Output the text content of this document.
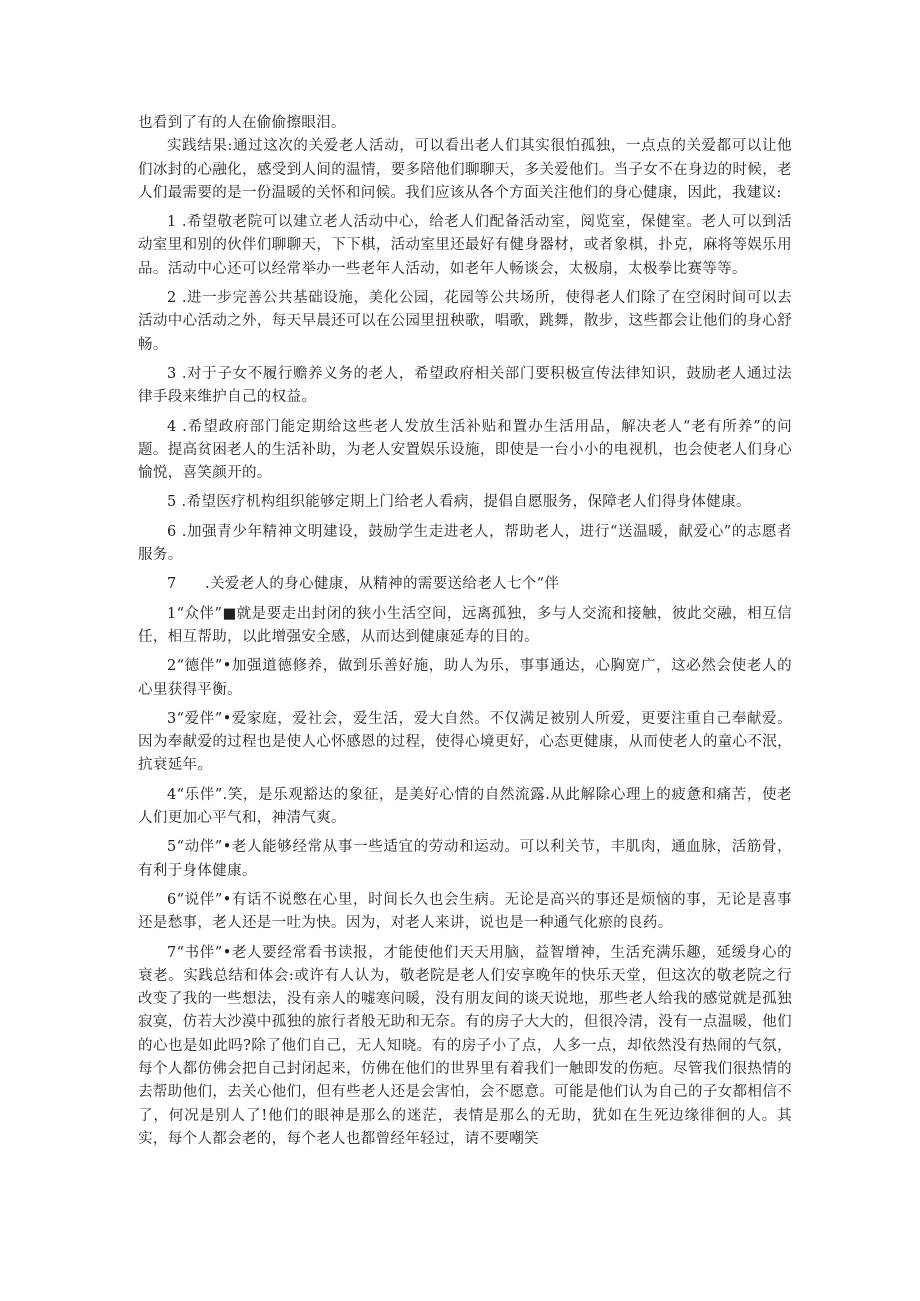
也看到了有的人在偷偷擦眼泪。

实践结果:通过这次的关爱老人活动，可以看出老人们其实很怕孤独，一点点的关爱都可以让他们冰封的心融化，感受到人间的温情，要多陪他们聊聊天，多关爱他们。当子女不在身边的时候，老人们最需要的是一份温暖的关怀和问候。我们应该从各个方面关注他们的身心健康，因此，我建议:

1 .希望敬老院可以建立老人活动中心，给老人们配备活动室，阅览室，保健室。老人可以到活动室里和别的伙伴们聊聊天，下下棋，活动室里还最好有健身器材，或者象棋，扑克，麻将等娱乐用品。活动中心还可以经常举办一些老年人活动，如老年人畅谈会，太极扇，太极拳比赛等等。

2 .进一步完善公共基础设施，美化公园，花园等公共场所，使得老人们除了在空闲时间可以去活动中心活动之外，每天早晨还可以在公园里扭秧歌，唱歌，跳舞，散步，这些都会让他们的身心舒畅。

3 .对于子女不履行赡养义务的老人，希望政府相关部门要积极宣传法律知识，鼓励老人通过法律手段来维护自己的权益。

4 .希望政府部门能定期给这些老人发放生活补贴和置办生活用品，解决老人“老有所养”的问题。提高贫困老人的生活补助，为老人安置娱乐设施，即使是一台小小的电视机，也会使老人们身心愉悦，喜笑颜开的。

5 .希望医疗机构组织能够定期上门给老人看病，提倡自愿服务，保障老人们得身体健康。

6 .加强青少年精神文明建设，鼓励学生走进老人，帮助老人，进行“送温暖，献爱心”的志愿者服务。

7 .关爱老人的身心健康，从精神的需要送给老人七个“伴

1“众伴”■就是要走出封闭的狭小生活空间，远离孤独，多与人交流和接触，彼此交融，相互信任，相互帮助，以此增强安全感，从而达到健康延寿的目的。

2“德伴”•加强道德修养，做到乐善好施，助人为乐，事事通达，心胸宽广，这必然会使老人的心里获得平衡。

3“爱伴”•爱家庭，爱社会，爱生活，爱大自然。不仅满足被别人所爱，更要注重自己奉献爱。因为奉献爱的过程也是使人心怀感恩的过程，使得心境更好，心态更健康，从而使老人的童心不泯，抗衰延年。

4“乐伴”.笑，是乐观豁达的象征，是美好心情的自然流露.从此解除心理上的疲惫和痛苦，使老人们更加心平气和，神清气爽。

5“动伴”•老人能够经常从事一些适宜的劳动和运动。可以利关节，丰肌肉，通血脉，活筋骨，有利于身体健康。

6“说伴”•有话不说憋在心里，时间长久也会生病。无论是高兴的事还是烦恼的事，无论是喜事还是愁事，老人还是一吐为快。因为，对老人来讲，说也是一种通气化瘀的良药。

7“书伴”•老人要经常看书读报，才能使他们天天用脑，益智增神，生活充满乐趣，延缓身心的衰老。实践总结和体会:或许有人认为，敬老院是老人们安享晚年的快乐天堂，但这次的敬老院之行改变了我的一些想法，没有亲人的嘘寒问暖，没有朋友间的谈天说地，那些老人给我的感觉就是孤独寂寞，仿若大沙漠中孤独的旅行者般无助和无奈。有的房子大大的，但很冷清，没有一点温暖，他们的心也是如此吗?除了他们自己，无人知晓。有的房子小了点，人多一点，却依然没有热闹的气氛，每个人都仿佛会把自己封闭起来，仿佛在他们的世界里有着我们一触即发的伤疤。尽管我们很热情的去帮助他们，去关心他们，但有些老人还是会害怕，会不愿意。可能是他们认为自己的子女都相信不了，何况是别人了!他们的眼神是那么的迷茫，表情是那么的无助，犹如在生死边缘徘徊的人。其实，每个人都会老的，每个老人也都曾经年轻过，请不要嘲笑
